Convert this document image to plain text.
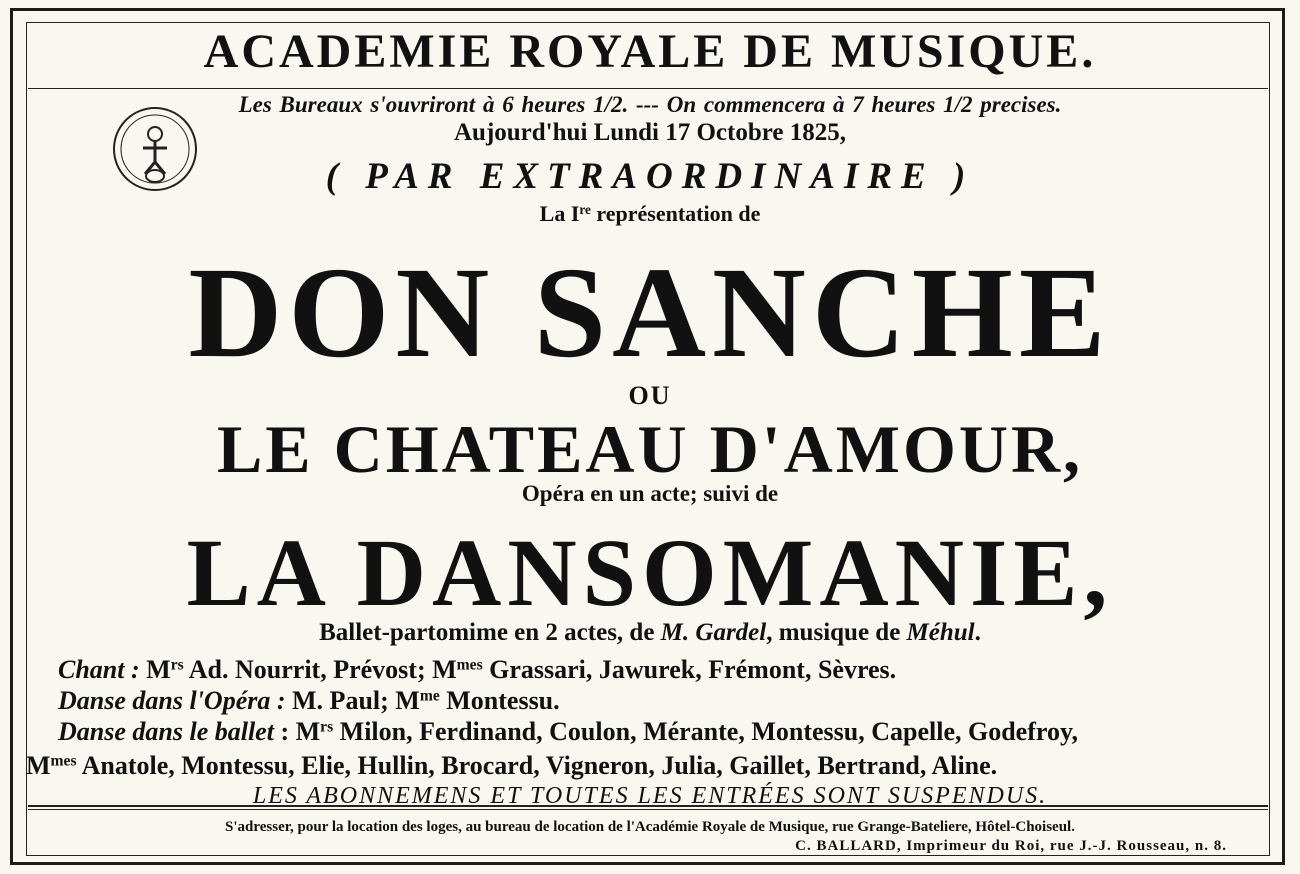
ACADEMIE ROYALE DE MUSIQUE.
Les Bureaux s'ouvriront à 6 heures 1/2. --- On commencera à 7 heures 1/2 precises.
Aujourd'hui Lundi 17 Octobre 1825,
( PAR EXTRAORDINAIRE )
La Ire représentation de
DON SANCHE
OU
LE CHATEAU D'AMOUR,
Opéra en un acte; suivi de
LA DANSOMANIE,
Ballet-partomime en 2 actes, de M. Gardel, musique de Méhul.
Chant : $M^{rs}$ Ad. Nourrit, Prévost; $M^{mes}$ Grassari, Jawurek, Frémont, Sèvres.
Danse dans l'Opéra : M. Paul; $M^{me}$ Montessu.
Danse dans le ballet : $M^{rs}$ Milon, Ferdinand, Coulon, Mérante, Montessu, Capelle, Godefroy,
$M^{mes}$ Anatole, Montessu, Elie, Hullin, Brocard, Vigneron, Julia, Gaillet, Bertrand, Aline.
LES ABONNEMENS ET TOUTES LES ENTRÉES SONT SUSPENDUS.
S'adresser, pour la location des loges, au bureau de location de l'Académie Royale de Musique, rue Grange-Bateliere, Hôtel-Choiseul.
C. BALLARD, Imprimeur du Roi, rue J.-J. Rousseau, n. 8.
